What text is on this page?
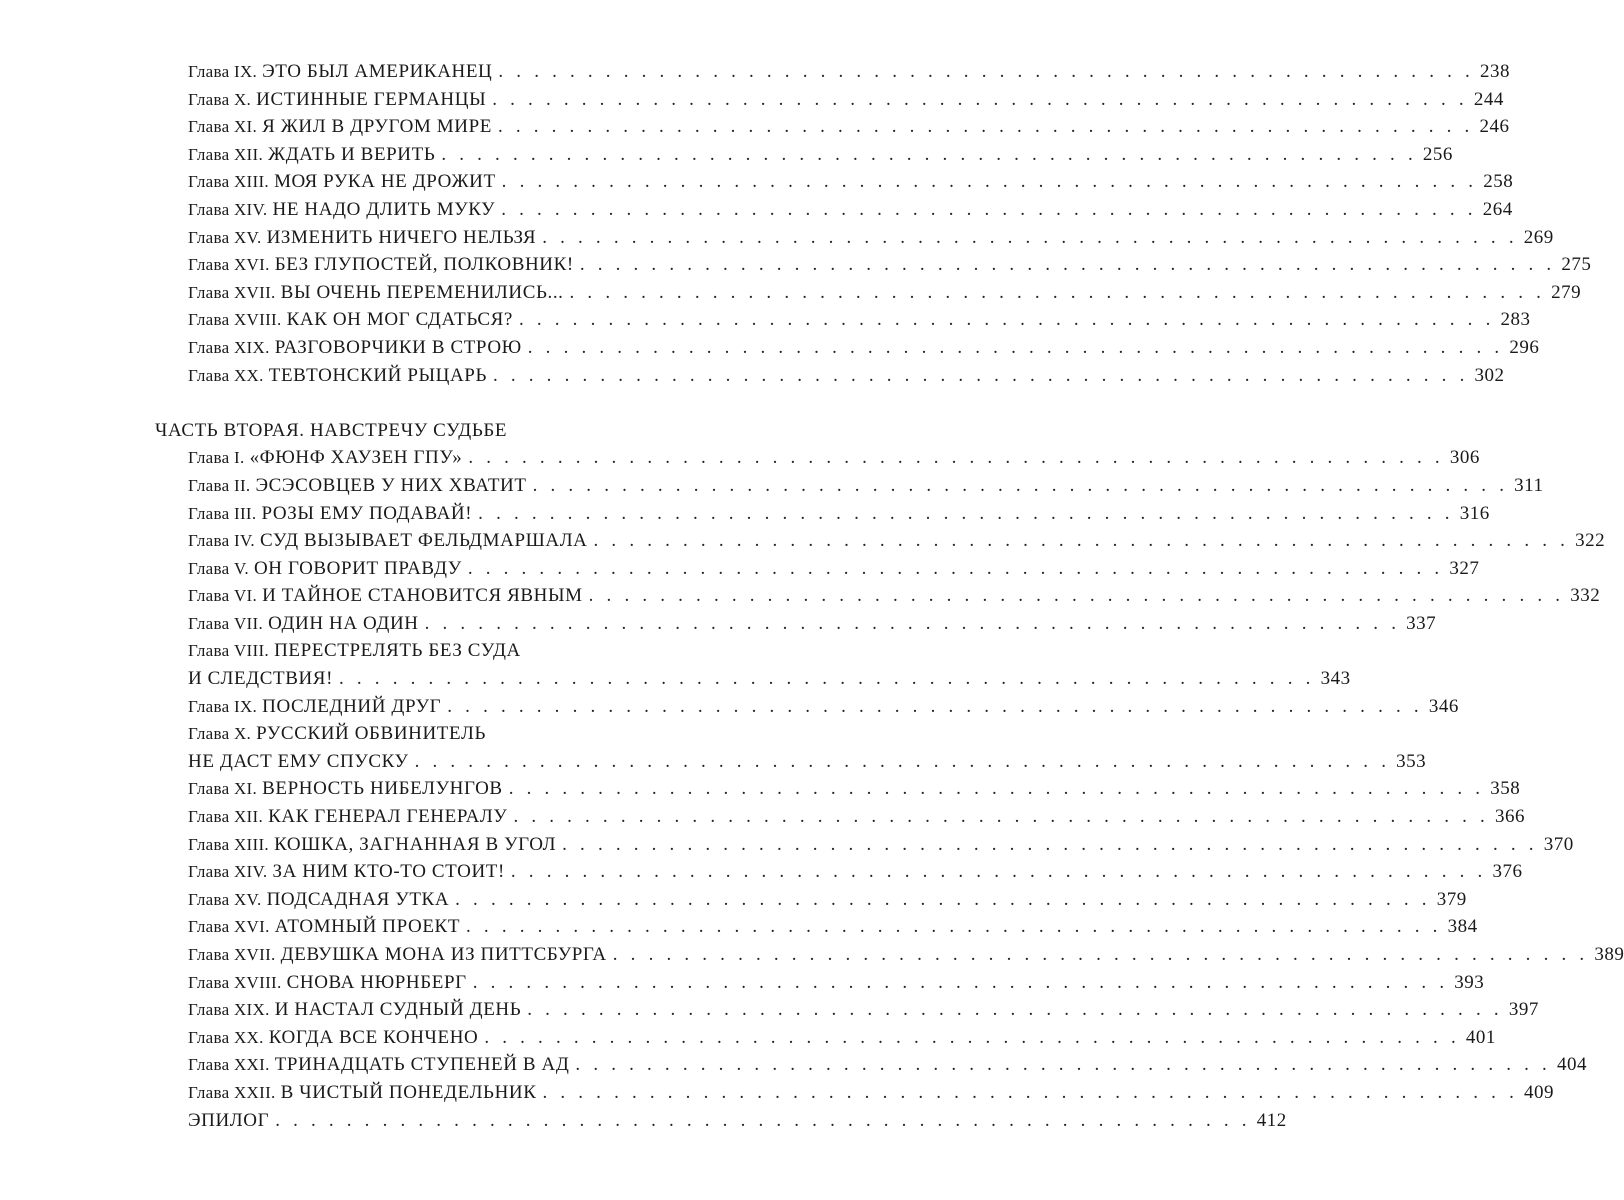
Глава IX. ЭТО БЫЛ АМЕРИКАНЕЦ . . . . . . . . . . . . . . . . . . . . . . . . . . . . . . . . . . . . . . . . . . . . . . . . . . . . . . . 238
Глава X. ИСТИННЫЕ ГЕРМАНЦЫ . . . . . . . . . . . . . . . . . . . . . . . . . . . . . . . . . . . . . . . . . . . . . . . . . . . . . . . 244
Глава XI. Я ЖИЛ В ДРУГОМ МИРЕ . . . . . . . . . . . . . . . . . . . . . . . . . . . . . . . . . . . . . . . . . . . . . . . . . . . . . . . 246
Глава XII. ЖДАТЬ И ВЕРИТЬ . . . . . . . . . . . . . . . . . . . . . . . . . . . . . . . . . . . . . . . . . . . . . . . . . . . . . . . 256
Глава XIII. МОЯ РУКА НЕ ДРОЖИТ . . . . . . . . . . . . . . . . . . . . . . . . . . . . . . . . . . . . . . . . . . . . . . . . . . . . . . . 258
Глава XIV. НЕ НАДО ДЛИТЬ МУКУ . . . . . . . . . . . . . . . . . . . . . . . . . . . . . . . . . . . . . . . . . . . . . . . . . . . . . . . 264
Глава XV. ИЗМЕНИТЬ НИЧЕГО НЕЛЬЗЯ . . . . . . . . . . . . . . . . . . . . . . . . . . . . . . . . . . . . . . . . . . . . . . . . . . . . . . . 269
Глава XVI. БЕЗ ГЛУПОСТЕЙ, ПОЛКОВНИК! . . . . . . . . . . . . . . . . . . . . . . . . . . . . . . . . . . . . . . . . . . . . . . . . . . . . . . . 275
Глава XVII. ВЫ ОЧЕНЬ ПЕРЕМЕНИЛИСЬ... . . . . . . . . . . . . . . . . . . . . . . . . . . . . . . . . . . . . . . . . . . . . . . . . . . . . . . . 279
Глава XVIII. КАК ОН МОГ СДАТЬСЯ? . . . . . . . . . . . . . . . . . . . . . . . . . . . . . . . . . . . . . . . . . . . . . . . . . . . . . . . 283
Глава XIX. РАЗГОВОРЧИКИ В СТРОЮ . . . . . . . . . . . . . . . . . . . . . . . . . . . . . . . . . . . . . . . . . . . . . . . . . . . . . . . 296
Глава XX. ТЕВТОНСКИЙ РЫЦАРЬ . . . . . . . . . . . . . . . . . . . . . . . . . . . . . . . . . . . . . . . . . . . . . . . . . . . . . . . 302
ЧАСТЬ ВТОРАЯ. НАВСТРЕЧУ СУДЬБЕ
Глава I. «ФЮНФ ХАУЗЕН ГПУ» . . . . . . . . . . . . . . . . . . . . . . . . . . . . . . . . . . . . . . . . . . . . . . . . . . . . . . . 306
Глава II. ЭСЭСОВЦЕВ У НИХ ХВАТИТ . . . . . . . . . . . . . . . . . . . . . . . . . . . . . . . . . . . . . . . . . . . . . . . . . . . . . . . 311
Глава III. РОЗЫ ЕМУ ПОДАВАЙ! . . . . . . . . . . . . . . . . . . . . . . . . . . . . . . . . . . . . . . . . . . . . . . . . . . . . . . . 316
Глава IV. СУД ВЫЗЫВАЕТ ФЕЛЬДМАРШАЛА . . . . . . . . . . . . . . . . . . . . . . . . . . . . . . . . . . . . . . . . . . . . . . . . . . . . . . . 322
Глава V. ОН ГОВОРИТ ПРАВДУ . . . . . . . . . . . . . . . . . . . . . . . . . . . . . . . . . . . . . . . . . . . . . . . . . . . . . . . 327
Глава VI. И ТАЙНОЕ СТАНОВИТСЯ ЯВНЫМ . . . . . . . . . . . . . . . . . . . . . . . . . . . . . . . . . . . . . . . . . . . . . . . . . . . . . . . 332
Глава VII. ОДИН НА ОДИН . . . . . . . . . . . . . . . . . . . . . . . . . . . . . . . . . . . . . . . . . . . . . . . . . . . . . . . 337
Глава VIII. ПЕРЕСТРЕЛЯТЬ БЕЗ СУДА
И СЛЕДСТВИЯ! . . . . . . . . . . . . . . . . . . . . . . . . . . . . . . . . . . . . . . . . . . . . . . . . . . . . . . . 343
Глава IX. ПОСЛЕДНИЙ ДРУГ . . . . . . . . . . . . . . . . . . . . . . . . . . . . . . . . . . . . . . . . . . . . . . . . . . . . . . . 346
Глава X. РУССКИЙ ОБВИНИТЕЛЬ
НЕ ДАСТ ЕМУ СПУСКУ . . . . . . . . . . . . . . . . . . . . . . . . . . . . . . . . . . . . . . . . . . . . . . . . . . . . . . . 353
Глава XI. ВЕРНОСТЬ НИБЕЛУНГОВ . . . . . . . . . . . . . . . . . . . . . . . . . . . . . . . . . . . . . . . . . . . . . . . . . . . . . . . 358
Глава XII. КАК ГЕНЕРАЛ ГЕНЕРАЛУ . . . . . . . . . . . . . . . . . . . . . . . . . . . . . . . . . . . . . . . . . . . . . . . . . . . . . . . 366
Глава XIII. КОШКА, ЗАГНАННАЯ В УГОЛ . . . . . . . . . . . . . . . . . . . . . . . . . . . . . . . . . . . . . . . . . . . . . . . . . . . . . . . 370
Глава XIV. ЗА НИМ КТО-ТО СТОИТ! . . . . . . . . . . . . . . . . . . . . . . . . . . . . . . . . . . . . . . . . . . . . . . . . . . . . . . . 376
Глава XV. ПОДСАДНАЯ УТКА . . . . . . . . . . . . . . . . . . . . . . . . . . . . . . . . . . . . . . . . . . . . . . . . . . . . . . . 379
Глава XVI. АТОМНЫЙ ПРОЕКТ . . . . . . . . . . . . . . . . . . . . . . . . . . . . . . . . . . . . . . . . . . . . . . . . . . . . . . . 384
Глава XVII. ДЕВУШКА МОНА ИЗ ПИТТСБУРГА . . . . . . . . . . . . . . . . . . . . . . . . . . . . . . . . . . . . . . . . . . . . . . . . . . . . . . . 389
Глава XVIII. СНОВА НЮРНБЕРГ . . . . . . . . . . . . . . . . . . . . . . . . . . . . . . . . . . . . . . . . . . . . . . . . . . . . . . . 393
Глава XIX. И НАСТАЛ СУДНЫЙ ДЕНЬ . . . . . . . . . . . . . . . . . . . . . . . . . . . . . . . . . . . . . . . . . . . . . . . . . . . . . . . 397
Глава XX. КОГДА ВСЕ КОНЧЕНО . . . . . . . . . . . . . . . . . . . . . . . . . . . . . . . . . . . . . . . . . . . . . . . . . . . . . . . 401
Глава XXI. ТРИНАДЦАТЬ СТУПЕНЕЙ В АД . . . . . . . . . . . . . . . . . . . . . . . . . . . . . . . . . . . . . . . . . . . . . . . . . . . . . . . 404
Глава XXII. В ЧИСТЫЙ ПОНЕДЕЛЬНИК . . . . . . . . . . . . . . . . . . . . . . . . . . . . . . . . . . . . . . . . . . . . . . . . . . . . . . . 409
ЭПИЛОГ . . . . . . . . . . . . . . . . . . . . . . . . . . . . . . . . . . . . . . . . . . . . . . . . . . . . . . . 412
